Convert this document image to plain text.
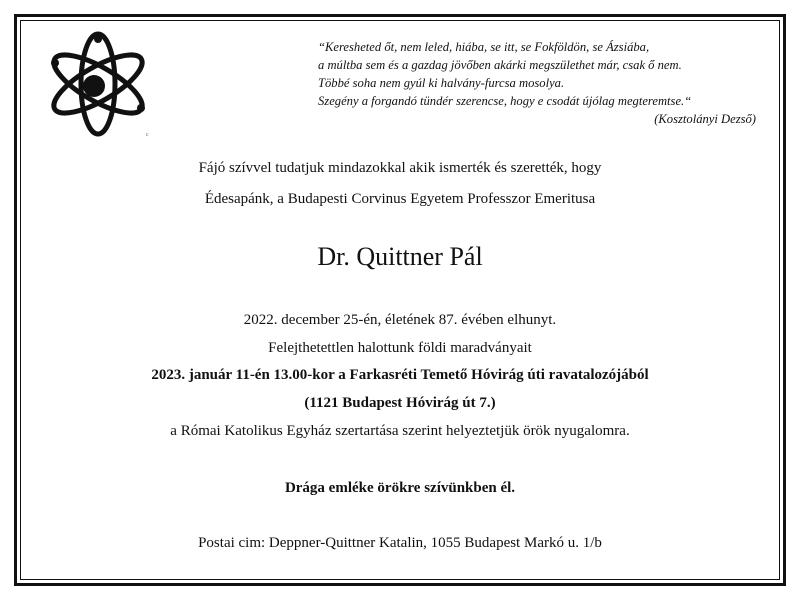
c
“Keresheted őt, nem leled, hiába, se itt, se Fokföldön, se Ázsiába,
a múltba sem és a gazdag jövőben akárki megszülethet már, csak ő nem.
Többé soha nem gyúl ki halvány-furcsa mosolya.
Szegény a forgandó tündér szerencse, hogy e csodát újólag megteremtse.“
(Kosztolányi Dezső)
Fájó szívvel tudatjuk mindazokkal akik ismerték és szerették, hogy
Édesapánk, a Budapesti Corvinus Egyetem Professzor Emeritusa
Dr. Quittner Pál
2022. december 25-én, életének 87. évében elhunyt.
Felejthetettlen halottunk földi maradványait
2023. január 11-én 13.00-kor a Farkasréti Temető Hóvirág úti ravatalozójából
(1121 Budapest Hóvirág út 7.)
a Római Katolikus Egyház szertartása szerint helyeztetjük örök nyugalomra.
Drága emléke örökre szívünkben él.
Postai cim: Deppner-Quittner Katalin, 1055 Budapest Markó u. 1/b
